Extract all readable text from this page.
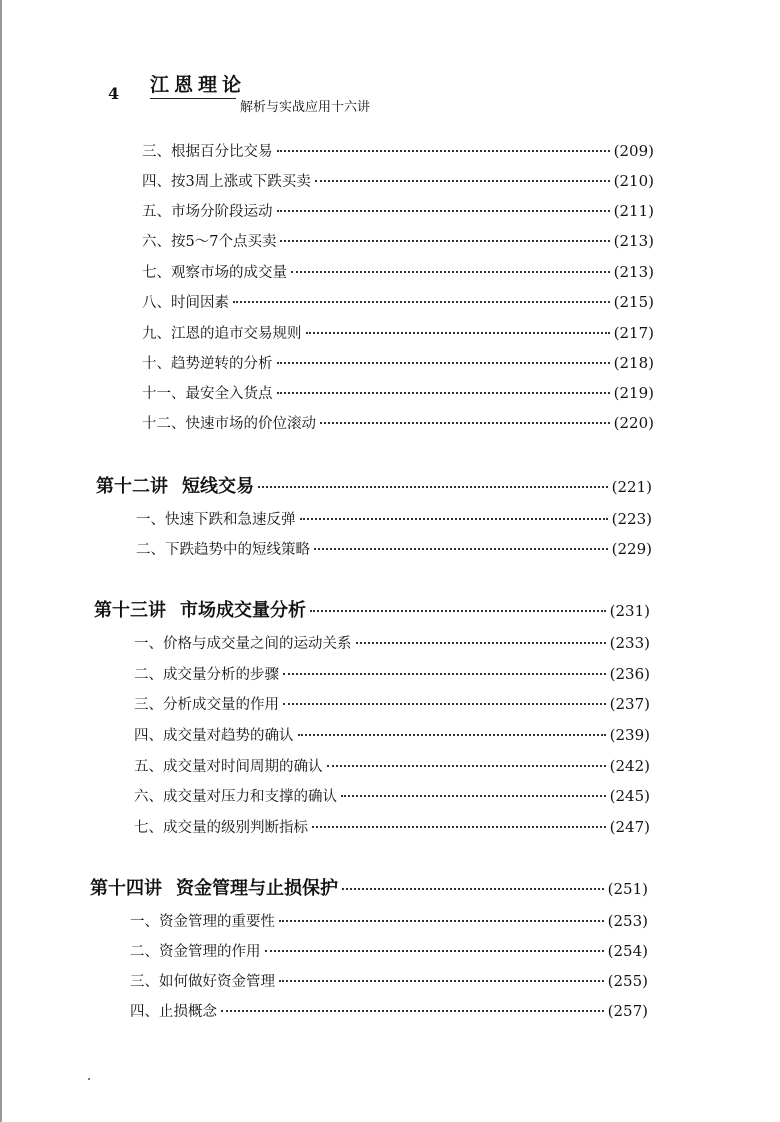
4 江恩理论
解析与实战应用十六讲
三、根据百分比交易	(209)
四、按3周上涨或下跌买卖	(210)
五、市场分阶段运动	(211)
六、按5～7个点买卖	(213)
七、观察市场的成交量	(213)
八、时间因素	(215)
九、江恩的追市交易规则	(217)
十、趋势逆转的分析	(218)
十一、最安全入货点	(219)
十二、快速市场的价位滚动	(220)
第十二讲 短线交易	(221)
一、快速下跌和急速反弹	(223)
二、下跌趋势中的短线策略	(229)
第十三讲 市场成交量分析	(231)
一、价格与成交量之间的运动关系	(233)
二、成交量分析的步骤	(236)
三、分析成交量的作用	(237)
四、成交量对趋势的确认	(239)
五、成交量对时间周期的确认	(242)
六、成交量对压力和支撑的确认	(245)
七、成交量的级别判断指标	(247)
第十四讲 资金管理与止损保护	(251)
一、资金管理的重要性	(253)
二、资金管理的作用	(254)
三、如何做好资金管理	(255)
四、止损概念	(257)
